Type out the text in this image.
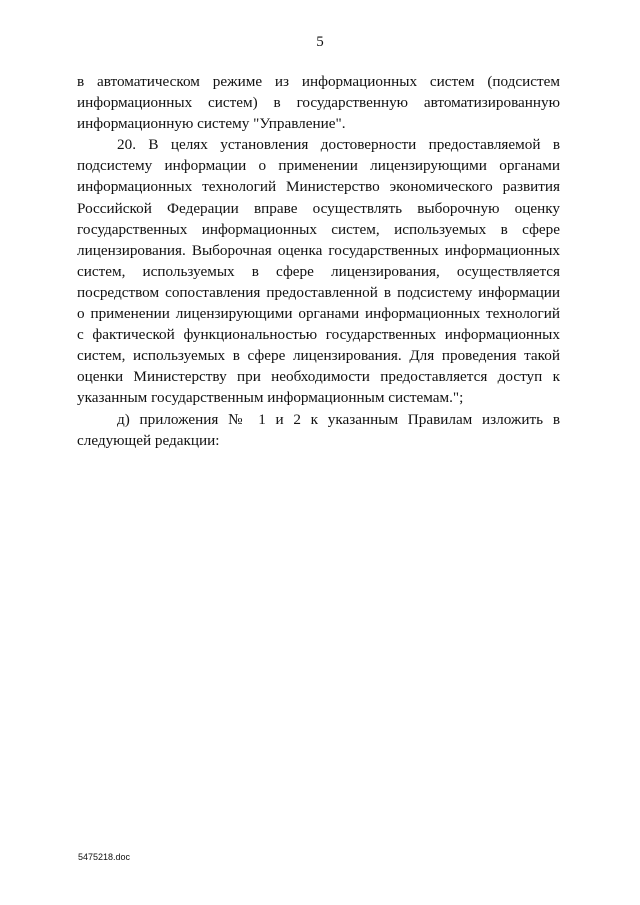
5

в автоматическом режиме из информационных систем (подсистем информационных систем) в государственную автоматизированную информационную систему "Управление".

20. В целях установления достоверности предоставляемой в подсистему информации о применении лицензирующими органами информационных технологий Министерство экономического развития Российской Федерации вправе осуществлять выборочную оценку государственных информационных систем, используемых в сфере лицензирования. Выборочная оценка государственных информационных систем, используемых в сфере лицензирования, осуществляется посредством сопоставления предоставленной в подсистему информации о применении лицензирующими органами информационных технологий с фактической функциональностью государственных информационных систем, используемых в сфере лицензирования. Для проведения такой оценки Министерству при необходимости предоставляется доступ к указанным государственным информационным системам.";

д) приложения № 1 и 2 к указанным Правилам изложить в следующей редакции:

5475218.doc
